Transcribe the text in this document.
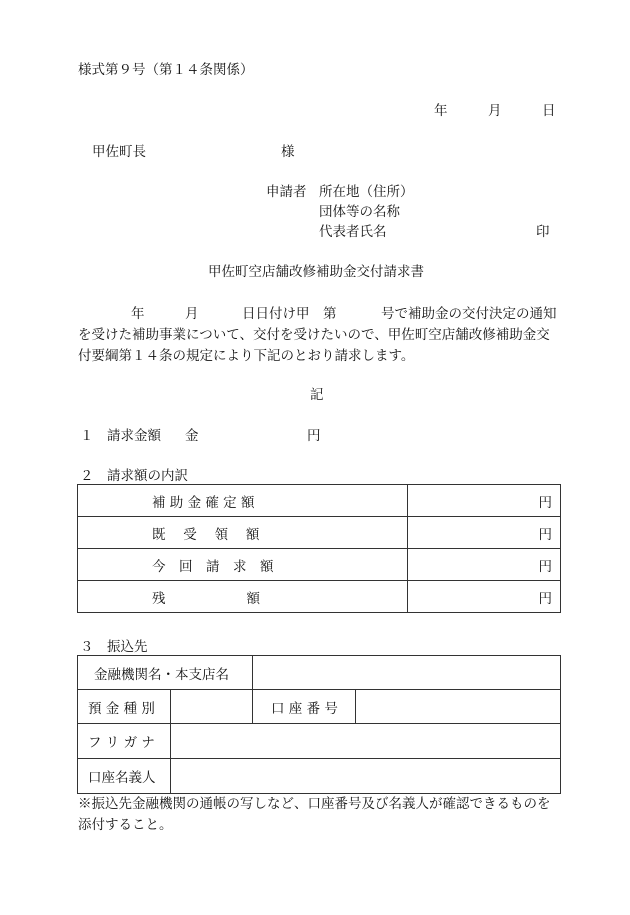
様式第９号（第１４条関係）
年	月	日
甲佐町長	様
申請者 所在地（住所）
団体等の名称
代表者氏名	印
甲佐町空店舗改修補助金交付請求書
年	月	日日付け甲　第	号で補助金の交付決定の通知
を受けた補助事業について、交付を受けたいので、甲佐町空店舗改修補助金交
付要綱第１４条の規定により下記のとおり請求します。
記
１　請求金額 金	円
２　請求額の内訳
補 助 金 確 定 額	円
既　 受　 領　 額	円
今　回　請　求　額	円
残　　　　　　額	円
３　振込先
金融機関名・本支店名			
預 金 種 別		口 座 番 号	
フ リ ガ ナ			
口座名義人			
※振込先金融機関の通帳の写しなど、口座番号及び名義人が確認できるものを
添付すること。
